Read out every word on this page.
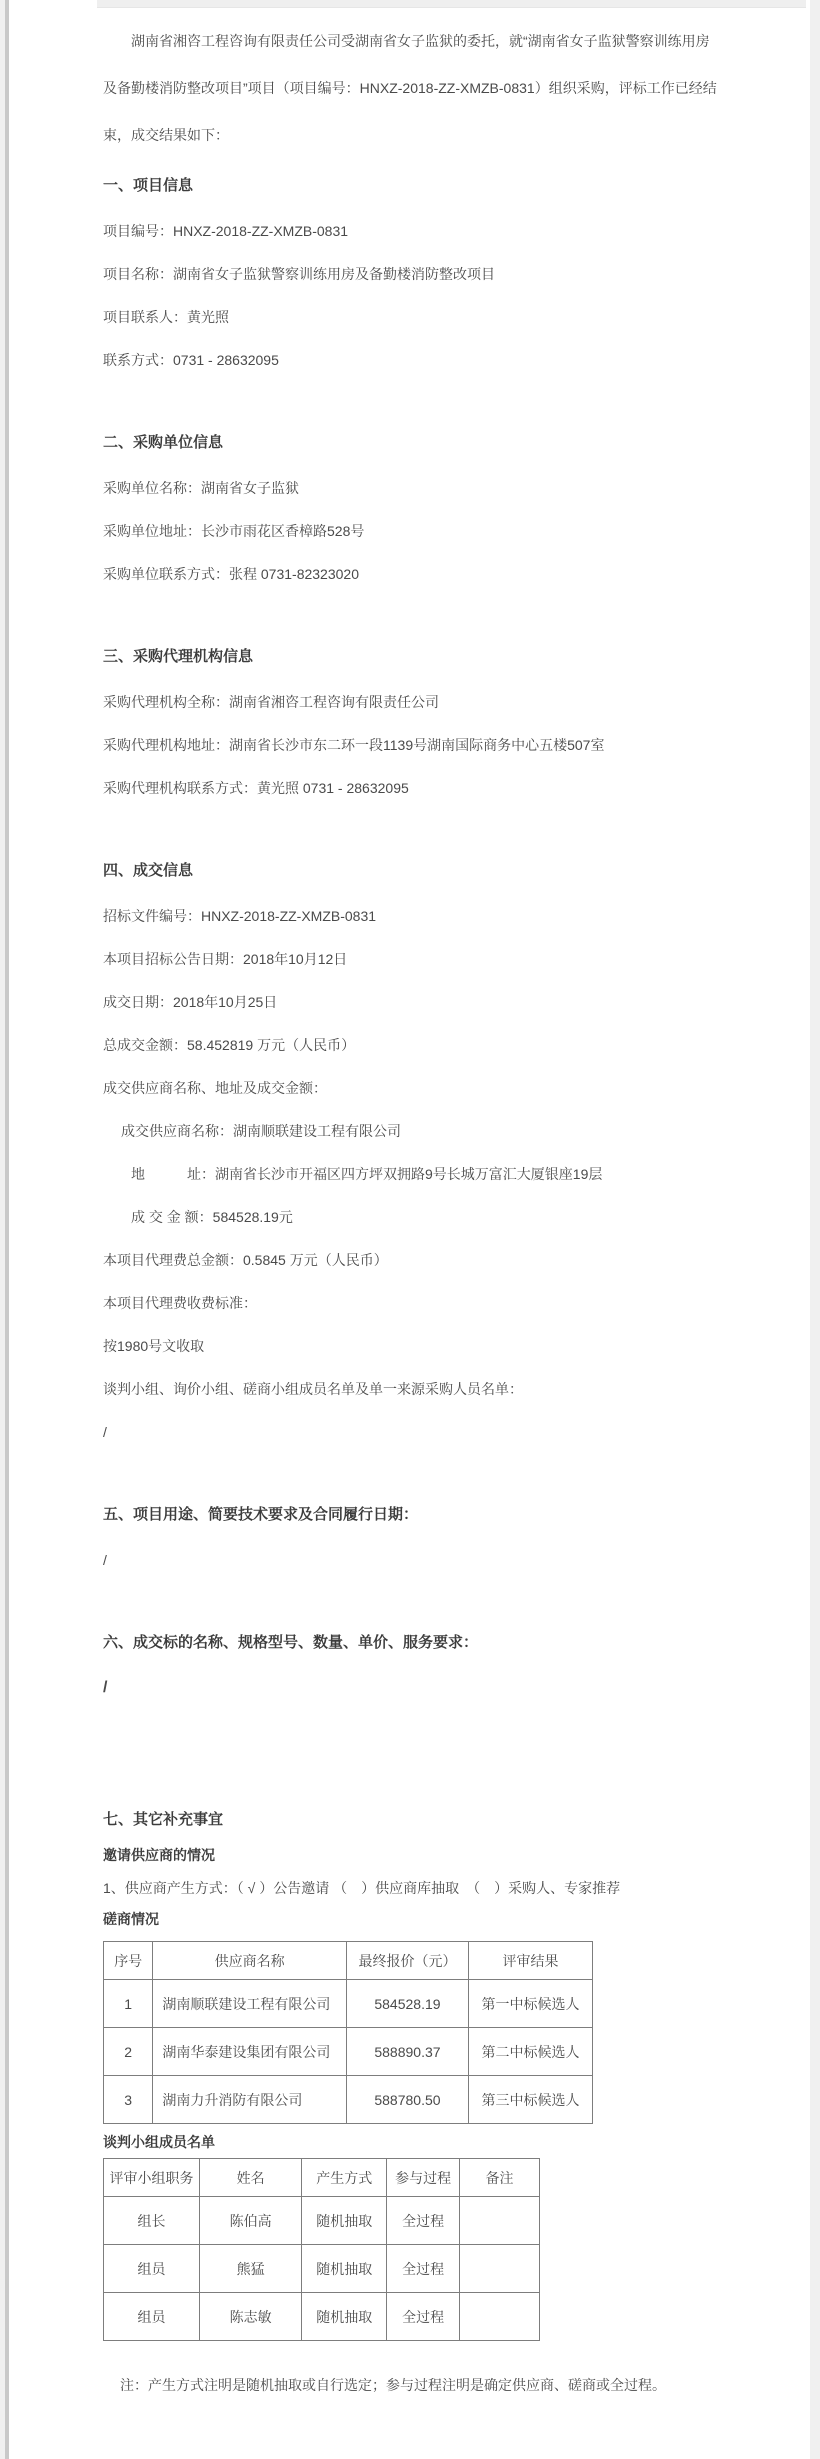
湖南省湘咨工程咨询有限责任公司受湖南省女子监狱的委托，就“湖南省女子监狱警察训练用房及备勤楼消防整改项目”项目（项目编号：HNXZ-2018-ZZ-XMZB-0831）组织采购，评标工作已经结束，成交结果如下：

一、项目信息
项目编号：HNXZ-2018-ZZ-XMZB-0831
项目名称：湖南省女子监狱警察训练用房及备勤楼消防整改项目
项目联系人：黄光照
联系方式：0731 - 28632095
二、采购单位信息
采购单位名称：湖南省女子监狱
采购单位地址：长沙市雨花区香樟路528号
采购单位联系方式：张程 0731-82323020
三、采购代理机构信息
采购代理机构全称：湖南省湘咨工程咨询有限责任公司
采购代理机构地址：湖南省长沙市东二环一段1139号湖南国际商务中心五楼507室
采购代理机构联系方式：黄光照 0731 - 28632095
四、成交信息
招标文件编号：HNXZ-2018-ZZ-XMZB-0831
本项目招标公告日期：2018年10月12日
成交日期：2018年10月25日
总成交金额：58.452819 万元（人民币）
成交供应商名称、地址及成交金额：
成交供应商名称：湖南顺联建设工程有限公司
地　　　址：湖南省长沙市开福区四方坪双拥路9号长城万富汇大厦银座19层
成 交 金 额：584528.19元
本项目代理费总金额：0.5845 万元（人民币）
本项目代理费收费标准：
按1980号文收取
谈判小组、询价小组、磋商小组成员名单及单一来源采购人员名单：
/
五、项目用途、简要技术要求及合同履行日期：
/
六、成交标的名称、规格型号、数量、单价、服务要求：
/
七、其它补充事宜
邀请供应商的情况
1、供应商产生方式：（ √ ）公告邀请 （　）供应商库抽取　（　）采购人、专家推荐
磋商情况
序号	供应商名称	最终报价（元）	评审结果
1	湖南顺联建设工程有限公司	584528.19	第一中标候选人
2	湖南华泰建设集团有限公司	588890.37	第二中标候选人
3	湖南力升消防有限公司	588780.50	第三中标候选人
谈判小组成员名单
评审小组职务	姓名	产生方式	参与过程	备注
组长	陈伯高	随机抽取	全过程	
组员	熊猛	随机抽取	全过程	
组员	陈志敏	随机抽取	全过程	
注：产生方式注明是随机抽取或自行选定；参与过程注明是确定供应商、磋商或全过程。
